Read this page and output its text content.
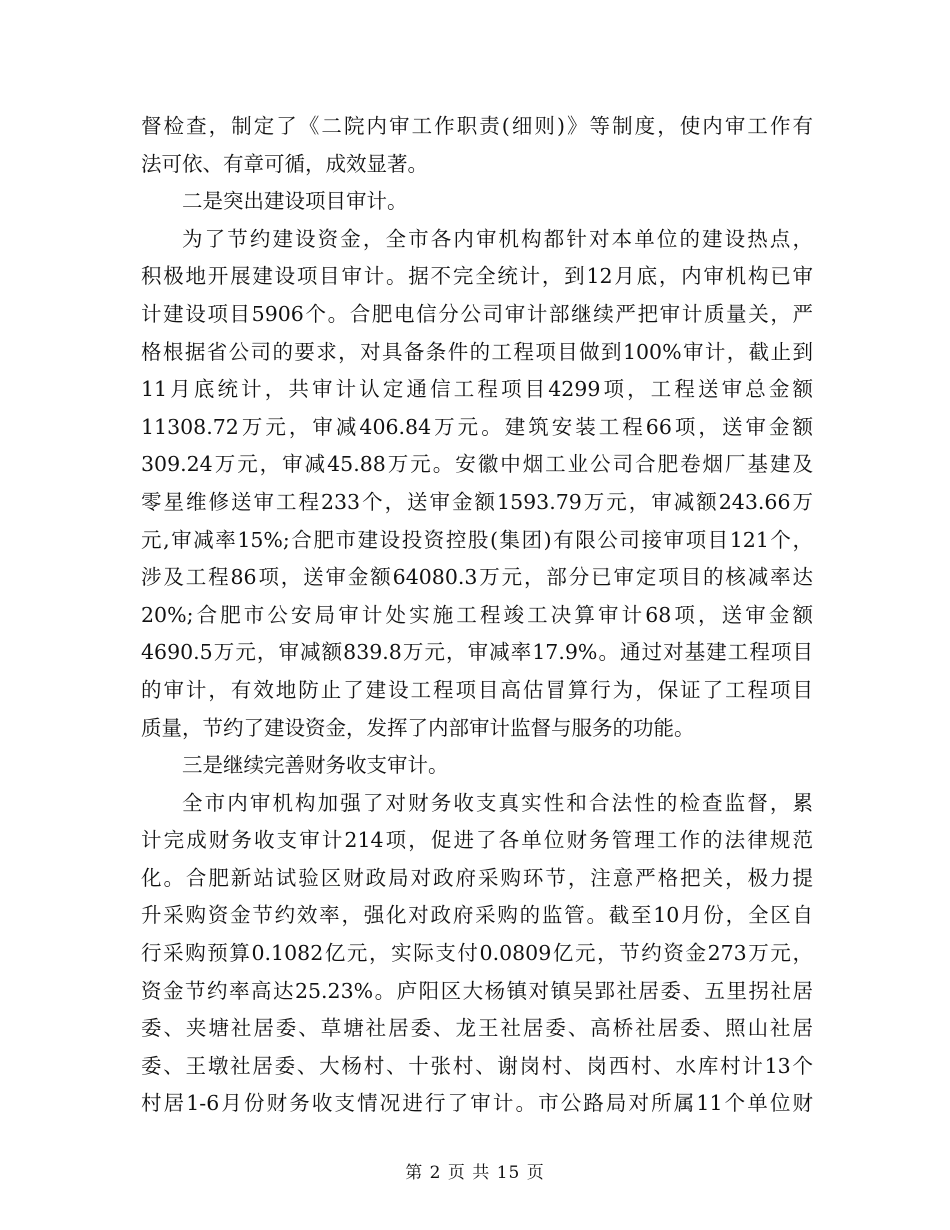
督检查，制定了《二院内审工作职责(细则)》等制度，使内审工作有
法可依、有章可循，成效显著。
二是突出建设项目审计。
为了节约建设资金，全市各内审机构都针对本单位的建设热点，
积极地开展建设项目审计。据不完全统计，到12月底，内审机构已审
计建设项目5906个。合肥电信分公司审计部继续严把审计质量关，严
格根据省公司的要求，对具备条件的工程项目做到100%审计，截止到
11月底统计，共审计认定通信工程项目4299项，工程送审总金额
11308.72万元，审减406.84万元。建筑安装工程66项，送审金额
309.24万元，审减45.88万元。安徽中烟工业公司合肥卷烟厂基建及
零星维修送审工程233个，送审金额1593.79万元，审减额243.66万
元,审减率15%;合肥市建设投资控股(集团)有限公司接审项目121个，
涉及工程86项，送审金额64080.3万元，部分已审定项目的核减率达
20%;合肥市公安局审计处实施工程竣工决算审计68项，送审金额
4690.5万元，审减额839.8万元，审减率17.9%。通过对基建工程项目
的审计，有效地防止了建设工程项目高估冒算行为，保证了工程项目
质量，节约了建设资金，发挥了内部审计监督与服务的功能。
三是继续完善财务收支审计。
全市内审机构加强了对财务收支真实性和合法性的检查监督，累
计完成财务收支审计214项，促进了各单位财务管理工作的法律规范
化。合肥新站试验区财政局对政府采购环节，注意严格把关，极力提
升采购资金节约效率，强化对政府采购的监管。截至10月份，全区自
行采购预算0.1082亿元，实际支付0.0809亿元，节约资金273万元，
资金节约率高达25.23%。庐阳区大杨镇对镇吴郢社居委、五里拐社居
委、夹塘社居委、草塘社居委、龙王社居委、高桥社居委、照山社居
委、王墩社居委、大杨村、十张村、谢岗村、岗西村、水库村计13个
村居1-6月份财务收支情况进行了审计。市公路局对所属11个单位财
第 2 页 共 15 页
